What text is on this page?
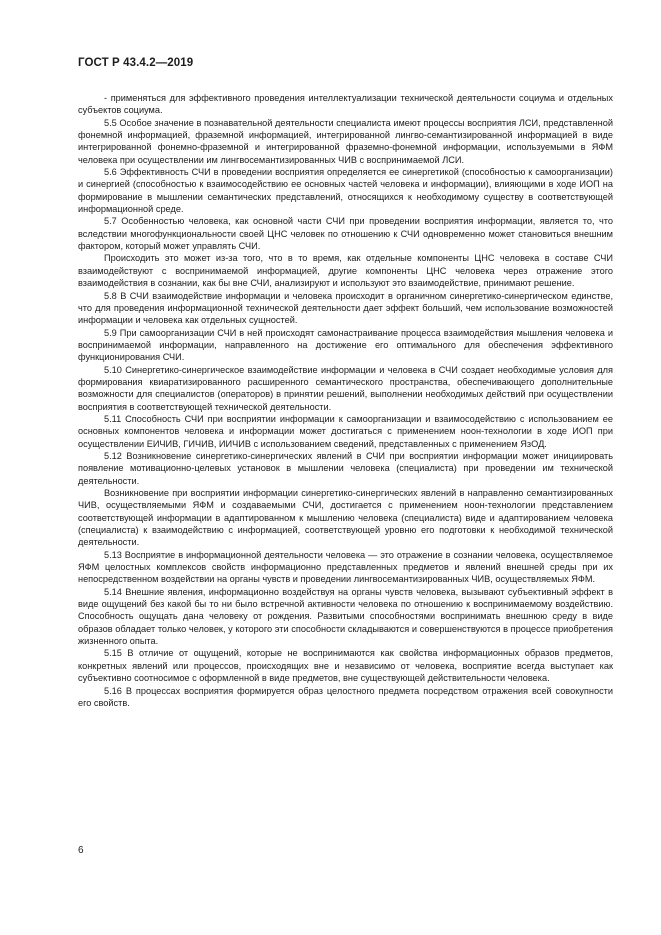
ГОСТ Р 43.4.2—2019

- применяться для эффективного проведения интеллектуализации технической деятельности социума и отдельных субъектов социума.

5.5 Особое значение в познавательной деятельности специалиста имеют процессы восприятия ЛСИ, представленной фонемной информацией, фраземной информацией, интегрированной лингво-семантизированной информацией в виде интегрированной фонемно-фраземной и интегрированной фраземно-фонемной информации, используемыми в ЯФМ человека при осуществлении им лингвосемантизированных ЧИВ с воспринимаемой ЛСИ.

5.6 Эффективность СЧИ в проведении восприятия определяется ее синергетикой (способностью к самоорганизации) и синергией (способностью к взаимосодействию ее основных частей человека и информации), влияющими в ходе ИОП на формирование в мышлении семантических представлений, относящихся к необходимому существу в соответствующей информационной среде.

5.7 Особенностью человека, как основной части СЧИ при проведении восприятия информации, является то, что вследствии многофункциональности своей ЦНС человек по отношению к СЧИ одновременно может становиться внешним фактором, который может управлять СЧИ.

Происходить это может из-за того, что в то время, как отдельные компоненты ЦНС человека в составе СЧИ взаимодействуют с воспринимаемой информацией, другие компоненты ЦНС человека через отражение этого взаимодействия в сознании, как бы вне СЧИ, анализируют и используют это взаимодействие, принимают решение.

5.8 В СЧИ взаимодействие информации и человека происходит в органичном синергетико-синергическом единстве, что для проведения информационной технической деятельности дает эффект больший, чем использование возможностей информации и человека как отдельных сущностей.

5.9 При самоорганизации СЧИ в ней происходят самонастраивание процесса взаимодействия мышления человека и воспринимаемой информации, направленного на достижение его оптимального для обеспечения эффективного функционирования СЧИ.

5.10 Синергетико-синергическое взаимодействие информации и человека в СЧИ создает необходимые условия для формирования квиаратизированного расширенного семантического пространства, обеспечивающего дополнительные возможности для специалистов (операторов) в принятии решений, выполнении необходимых действий при осуществлении восприятия в соответствующей технической деятельности.

5.11 Способность СЧИ при восприятии информации к самоорганизации и взаимосодействию с использованием ее основных компонентов человека и информации может достигаться с применением ноон-технологии в ходе ИОП при осуществлении ЕИЧИВ, ГИЧИВ, ИИЧИВ с использованием сведений, представленных с применением ЯзОД.

5.12 Возникновение синергетико-синергических явлений в СЧИ при восприятии информации может инициировать появление мотивационно-целевых установок в мышлении человека (специалиста) при проведении им технической деятельности.

Возникновение при восприятии информации синергетико-синергических явлений в направленно семантизированных ЧИВ, осуществляемыми ЯФМ и создаваемыми СЧИ, достигается с применением ноон-технологии представлением соответствующей информации в адаптированном к мышлению человека (специалиста) виде и адаптированием человека (специалиста) к взаимодействию с информацией, соответствующей уровню его подготовки к необходимой технической деятельности.

5.13 Восприятие в информационной деятельности человека — это отражение в сознании человека, осуществляемое ЯФМ целостных комплексов свойств информационно представленных предметов и явлений внешней среды при их непосредственном воздействии на органы чувств и проведении лингвосемантизированных ЧИВ, осуществляемых ЯФМ.

5.14 Внешние явления, информационно воздействуя на органы чувств человека, вызывают субъективный эффект в виде ощущений без какой бы то ни было встречной активности человека по отношению к воспринимаемому воздействию. Способность ощущать дана человеку от рождения. Развитыми способностями воспринимать внешнюю среду в виде образов обладает только человек, у которого эти способности складываются и совершенствуются в процессе приобретения жизненного опыта.

5.15 В отличие от ощущений, которые не воспринимаются как свойства информационных образов предметов, конкретных явлений или процессов, происходящих вне и независимо от человека, восприятие всегда выступает как субъективно соотносимое с оформленной в виде предметов, вне существующей действительности человека.

5.16 В процессах восприятия формируется образ целостного предмета посредством отражения всей совокупности его свойств.

6
